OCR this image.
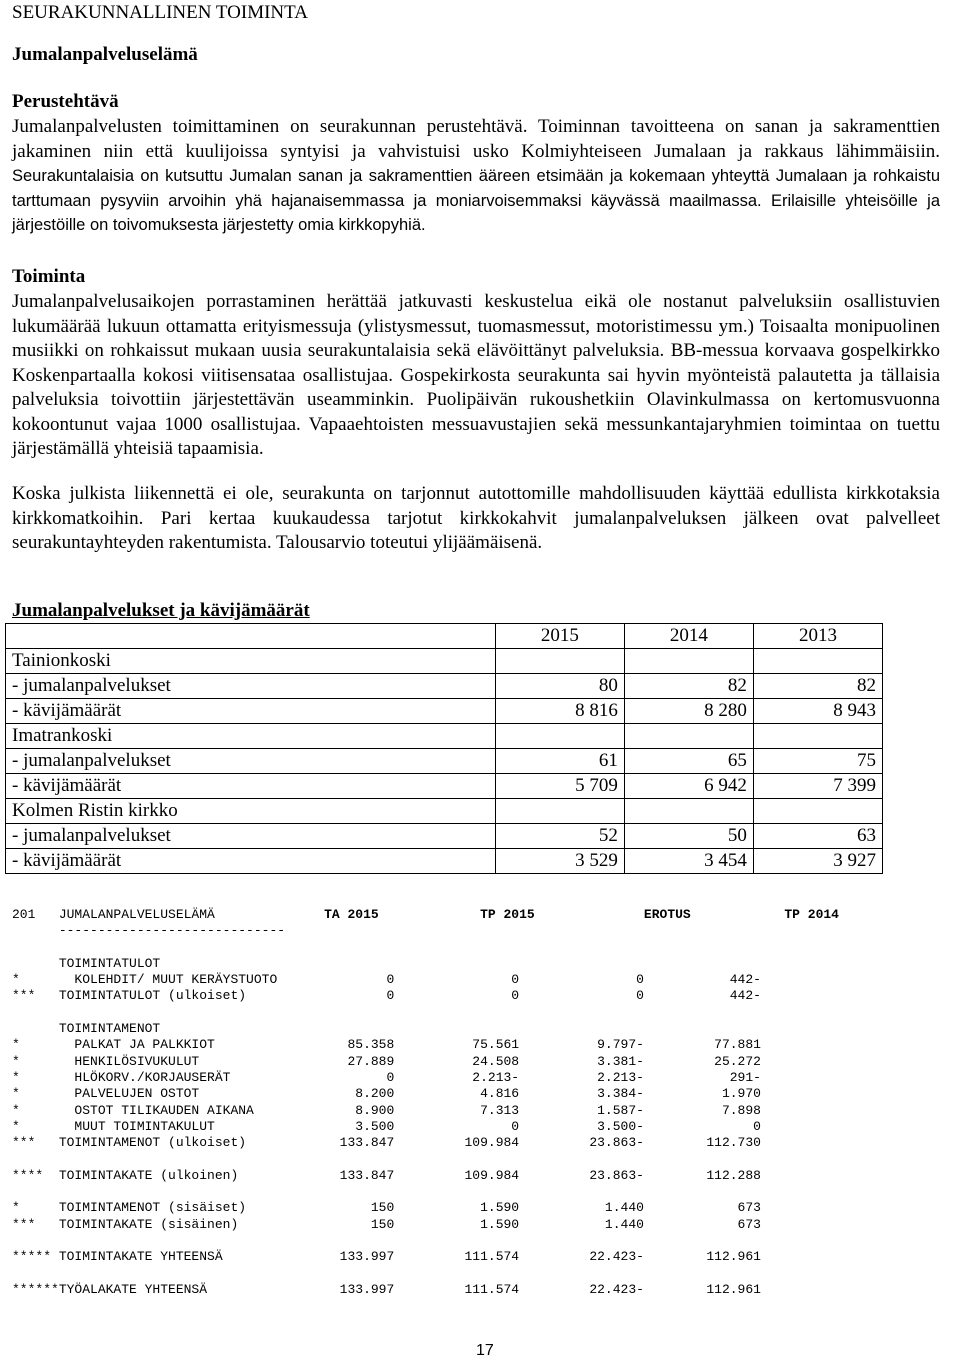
SEURAKUNNALLINEN TOIMINTA
Jumalanpalveluselämä
Perustehtävä
Jumalanpalvelusten toimittaminen on seurakunnan perustehtävä. Toiminnan tavoitteena on sanan ja sakramenttien jakaminen niin että kuulijoissa syntyisi ja vahvistuisi usko Kolmiyhteiseen Jumalaan ja rakkaus lähimmäisiin. Seurakuntalaisia on kutsuttu Jumalan sanan ja sakramenttien ääreen etsimään ja kokemaan yhteyttä Jumalaan ja rohkaistu tarttumaan pysyviin arvoihin yhä hajanaisemmassa ja moniarvoisemmaksi käyvässä maailmassa. Erilaisille yhteisöille ja järjestöille on toivomuksesta järjestetty omia kirkkopyhiä.
Toiminta
Jumalanpalvelusaikojen porrastaminen herättää jatkuvasti keskustelua eikä ole nostanut palveluksiin osallistuvien lukumäärää lukuun ottamatta erityismessuja (ylistysmessut, tuomasmessut, motoristimessu ym.) Toisaalta monipuolinen musiikki on rohkaissut mukaan uusia seurakuntalaisia sekä elävöittänyt palveluksia. BB-messua korvaava gospelkirkko Koskenpartaalla kokosi viitisensataa osallistujaa. Gospekirkosta seurakunta sai hyvin myönteistä palautetta ja tällaisia palveluksia toivottiin järjestettävän useamminkin. Puolipäivän rukoushetkiin Olavinkulmassa on kertomusvuonna kokoontunut vajaa 1000 osallistujaa. Vapaaehtoisten messuavustajien sekä messunkantajaryhmien toimintaa on tuettu järjestämällä yhteisiä tapaamisia.
Koska julkista liikennettä ei ole, seurakunta on tarjonnut autottomille mahdollisuuden käyttää edullista kirkkotaksia kirkkomatkoihin. Pari kertaa kuukaudessa tarjotut kirkkokahvit jumalanpalveluksen jälkeen ovat palvelleet seurakuntayhteyden rakentumista. Talousarvio toteutui ylijäämäisenä.
Jumalanpalvelukset ja kävijämäärät
	2015	2014	2013
Tainionkoski			
- jumalanpalvelukset	80	82	82
- kävijämäärät	8 816	8 280	8 943
Imatrankoski			
- jumalanpalvelukset	61	65	75
- kävijämäärät	5 709	6 942	7 399
Kolmen Ristin kirkko			
- jumalanpalvelukset	52	50	63
- kävijämäärät	3 529	3 454	3 927
201   JUMALANPALVELUSELÄMÄ              TA 2015             TP 2015              EROTUS            TP 2014
-----------------------------

TOIMINTATULOT
*       KOLEHDIT/ MUUT KERÄYSTUOTO              0               0               0           442-
***   TOIMINTATULOT (ulkoiset)                  0               0               0           442-

TOIMINTAMENOT
*       PALKAT JA PALKKIOT                 85.358          75.561          9.797-         77.881
*       HENKILÖSIVUKULUT                   27.889          24.508          3.381-         25.272
*       HLÖKORV./KORJAUSERÄT                    0          2.213-          2.213-           291-
*       PALVELUJEN OSTOT                    8.200           4.816          3.384-          1.970
*       OSTOT TILIKAUDEN AIKANA             8.900           7.313          1.587-          7.898
*       MUUT TOIMINTAKULUT                  3.500               0          3.500-              0
***   TOIMINTAMENOT (ulkoiset)            133.847         109.984         23.863-        112.730

****  TOIMINTAKATE (ulkoinen)             133.847         109.984         23.863-        112.288

*     TOIMINTAMENOT (sisäiset)                150           1.590           1.440            673
***   TOIMINTAKATE (sisäinen)                 150           1.590           1.440            673

***** TOIMINTAKATE YHTEENSÄ               133.997         111.574         22.423-        112.961

******TYÖALAKATE YHTEENSÄ                 133.997         111.574         22.423-        112.961
17
